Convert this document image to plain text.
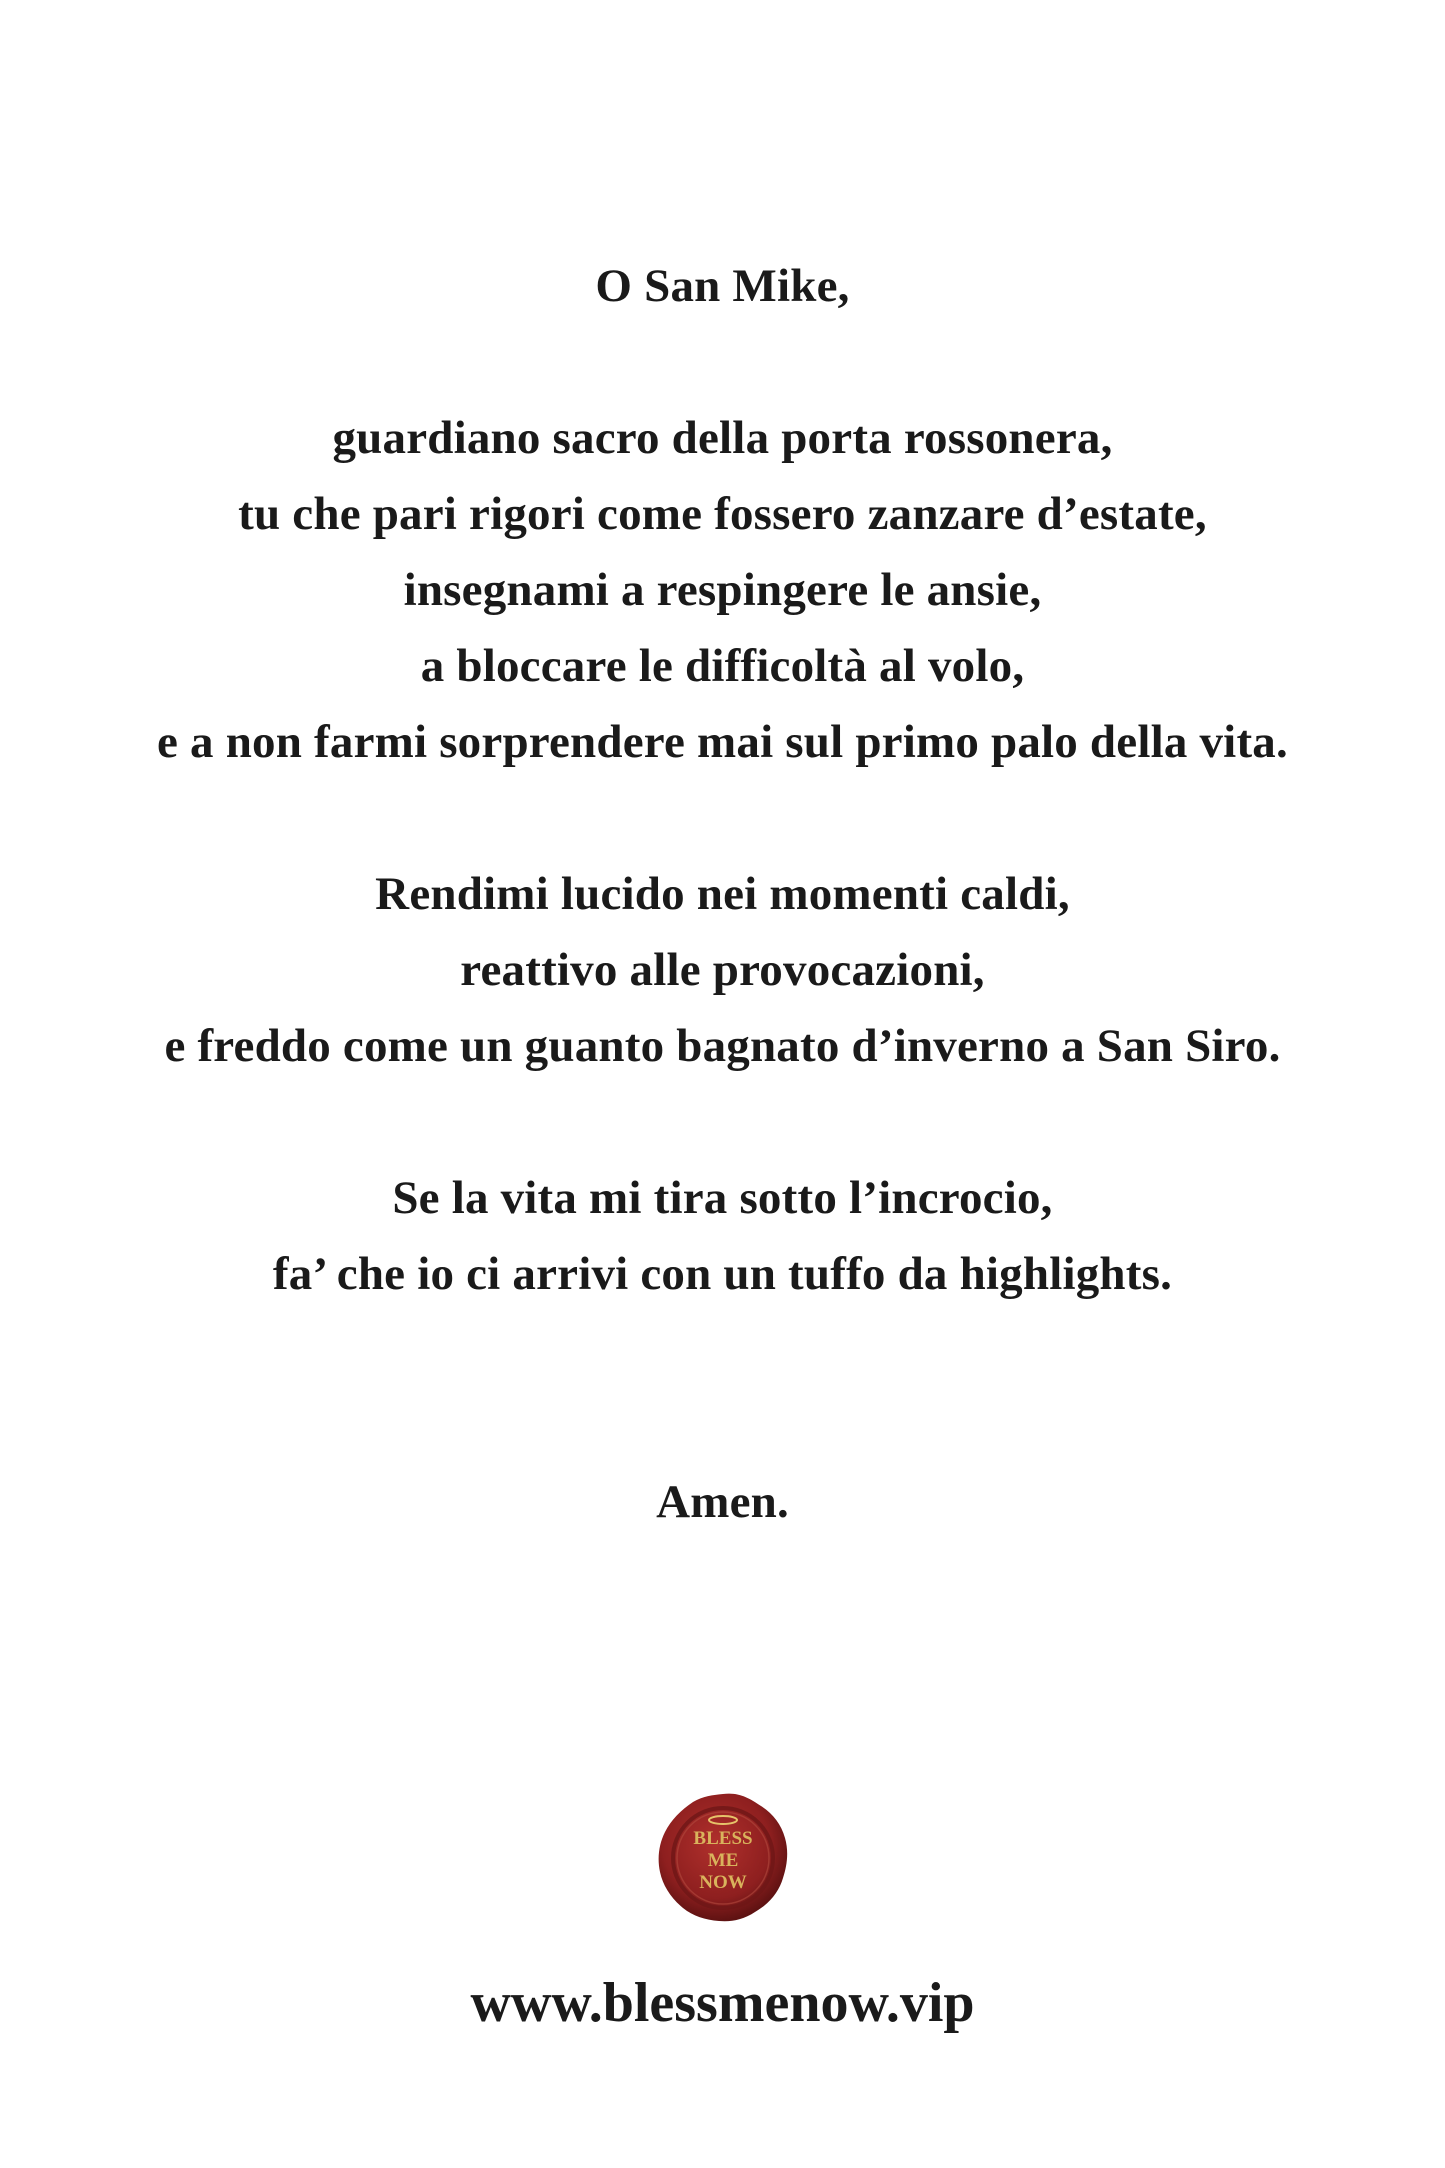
O San Mike,
guardiano sacro della porta rossonera,
tu che pari rigori come fossero zanzare d’estate,
insegnami a respingere le ansie,
a bloccare le difficoltà al volo,
e a non farmi sorprendere mai sul primo palo della vita.
Rendimi lucido nei momenti caldi,
reattivo alle provocazioni,
e freddo come un guanto bagnato d’inverno a San Siro.
Se la vita mi tira sotto l’incrocio,
fa’ che io ci arrivi con un tuffo da highlights.
Amen.
BLESS
ME
NOW
www.blessmenow.vip
